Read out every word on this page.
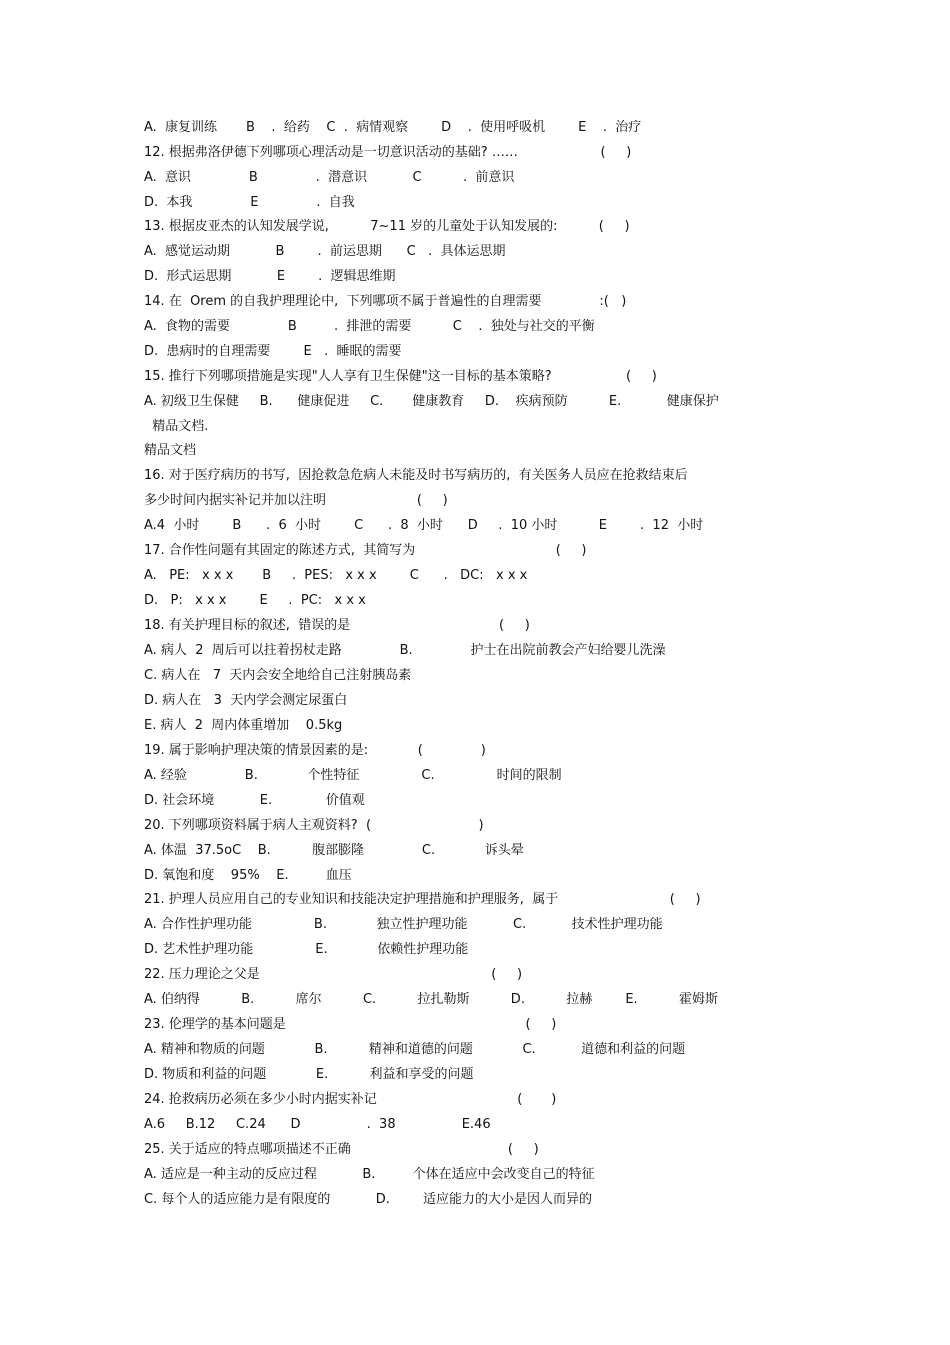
A.  康复训练       B    .  给药    C  .  病情观察        D    .  使用呼吸机        E    .  治疗
12. 根据弗洛伊德下列哪项心理活动是一切意识活动的基础? ……                    (     )
A.  意识              B              .  潜意识           C          .  前意识
D.  本我              E              .  自我
13. 根据皮亚杰的认知发展学说,          7~11 岁的儿童处于认知发展的:          (     )
A.  感觉运动期           B        .  前运思期      C   .  具体运思期
D.  形式运思期           E        .  逻辑思维期
14. 在  Orem 的自我护理理论中,  下列哪项不属于普遍性的自理需要              :(   )
A.  食物的需要              B         .  排泄的需要          C    .  独处与社交的平衡
D.  患病时的自理需要        E   .  睡眠的需要
15. 推行下列哪项措施是实现"人人享有卫生保健"这一目标的基本策略?                  (     )
A. 初级卫生保健     B.      健康促进     C.       健康教育     D.    疾病预防          E.           健康保护
精品文档.
精品文档
16. 对于医疗病历的书写,  因抢救急危病人未能及时书写病历的,  有关医务人员应在抢救结束后
多少时间内据实补记并加以注明                      (     )
A.4  小时        B      .  6  小时        C      .  8  小时      D     .  10 小时          E        .  12  小时
17. 合作性问题有其固定的陈述方式,  其简写为                                  (     )
A.   PE:   x x x       B     .  PES:   x x x        C      .   DC:   x x x
D.   P:   x x x        E     .  PC:   x x x
18. 有关护理目标的叙述,  错误的是                                    (     )
A. 病人  2  周后可以拄着拐杖走路              B.              护士在出院前教会产妇给婴儿洗澡
C. 病人在   7  天内会安全地给自己注射胰岛素
D. 病人在   3  天内学会测定尿蛋白
E. 病人  2  周内体重增加    0.5kg
19. 属于影响护理决策的情景因素的是:            (              )
A. 经验              B.            个性特征               C.               时间的限制
D. 社会环境           E.             价值观
20. 下列哪项资料属于病人主观资料?  (                          )
A. 体温  37.5oC    B.          腹部膨隆              C.            诉头晕
D. 氧饱和度    95%    E.         血压
21. 护理人员应用自己的专业知识和技能决定护理措施和护理服务,  属于                           (     )
A. 合作性护理功能               B.            独立性护理功能           C.           技术性护理功能
D. 艺术性护理功能               E.            依赖性护理功能
22. 压力理论之父是                                                        (     )
A. 伯纳得          B.          席尔          C.          拉扎勒斯          D.          拉赫        E.          霍姆斯
23. 伦理学的基本问题是                                                          (     )
A. 精神和物质的问题            B.          精神和道德的问题            C.           道德和利益的问题
D. 物质和利益的问题            E.          利益和享受的问题
24. 抢救病历必须在多少小时内据实补记                                  (       )
A.6     B.12     C.24      D                .  38                E.46
25. 关于适应的特点哪项描述不正确                                      (     )
A. 适应是一种主动的反应过程           B.         个体在适应中会改变自己的特征
C. 每个人的适应能力是有限度的           D.        适应能力的大小是因人而异的
